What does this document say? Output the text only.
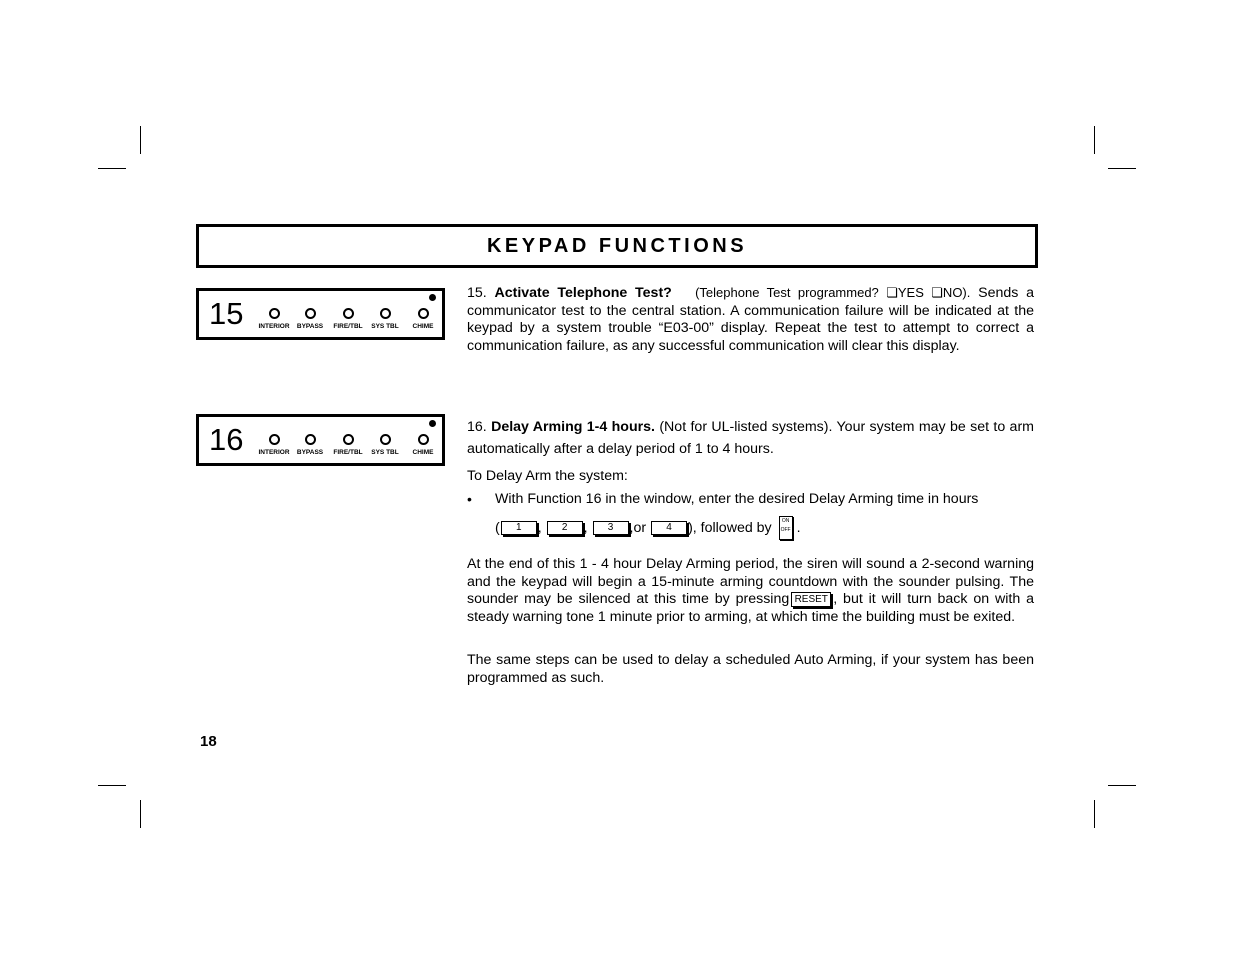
KEYPAD FUNCTIONS
15	INTERIOR	BYPASS	FIRE/TBL	SYS TBL	CHIME
16	INTERIOR	BYPASS	FIRE/TBL	SYS TBL	CHIME
15. Activate Telephone Test? (Telephone Test programmed? ❏YES ❏NO). Sends a communicator test to the central station. A communication failure will be indicated at the keypad by a system trouble “E03-00” display. Repeat the test to attempt to correct a communication failure, as any successful communication will clear this display.
16. Delay Arming 1-4 hours. (Not for UL-listed systems). Your system may be set to arm automatically after a delay period of 1 to 4 hours.
To Delay Arm the system:
• With Function 16 in the window, enter the desired Delay Arming time in hours
( 1 , 2 , 3 ,or 4 ), followed by ON
OFF .
At the end of this 1 - 4 hour Delay Arming period, the siren will sound a 2-second warning and the keypad will begin a 15-minute arming countdown with the sounder pulsing. The sounder may be silenced at this time by pressing RESET , but it will turn back on with a steady warning tone 1 minute prior to arming, at which time the building must be exited.
The same steps can be used to delay a scheduled Auto Arming, if your system has been programmed as such.
18
